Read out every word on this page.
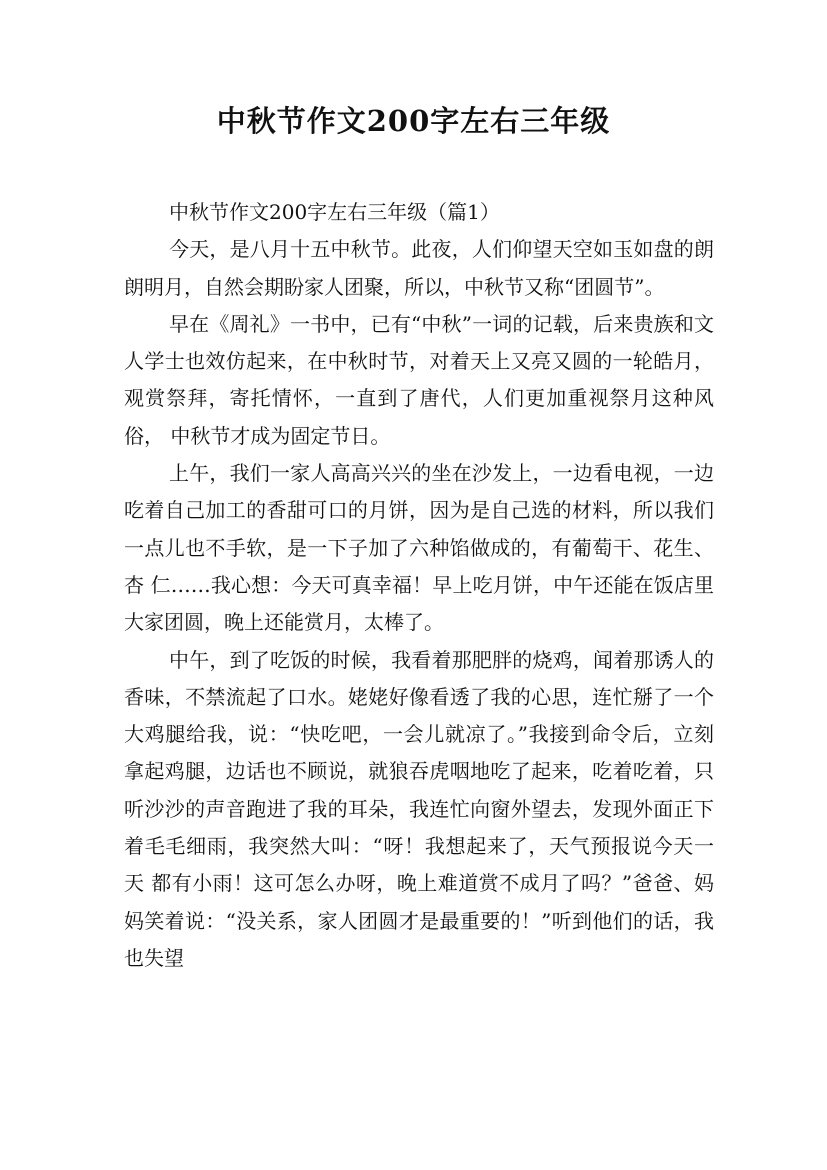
中秋节作文200字左右三年级

中秋节作文200字左右三年级（篇1）

今天，是八月十五中秋节。此夜，人们仰望天空如玉如盘的朗朗明月，自然会期盼家人团聚，所以，中秋节又称“团圆节”。

早在《周礼》一书中，已有“中秋”一词的记载，后来贵族和文人学士也效仿起来，在中秋时节，对着天上又亮又圆的一轮皓月，观赏祭拜，寄托情怀，一直到了唐代，人们更加重视祭月这种风俗， 中秋节才成为固定节日。

上午，我们一家人高高兴兴的坐在沙发上，一边看电视，一边吃着自己加工的香甜可口的月饼，因为是自己选的材料，所以我们一点儿也不手软，是一下子加了六种馅做成的，有葡萄干、花生、杏 仁……我心想：今天可真幸福！早上吃月饼，中午还能在饭店里大家团圆，晚上还能赏月，太棒了。

中午，到了吃饭的时候，我看着那肥胖的烧鸡，闻着那诱人的香味，不禁流起了口水。姥姥好像看透了我的心思，连忙掰了一个大鸡腿给我，说：“快吃吧，一会儿就凉了。”我接到命令后，立刻 拿起鸡腿，边话也不顾说，就狼吞虎咽地吃了起来，吃着吃着，只听沙沙的声音跑进了我的耳朵，我连忙向窗外望去，发现外面正下着毛毛细雨，我突然大叫：“呀！我想起来了，天气预报说今天一天 都有小雨！这可怎么办呀，晚上难道赏不成月了吗？”爸爸、妈妈笑着说：“没关系，家人团圆才是最重要的！”听到他们的话，我也失望
